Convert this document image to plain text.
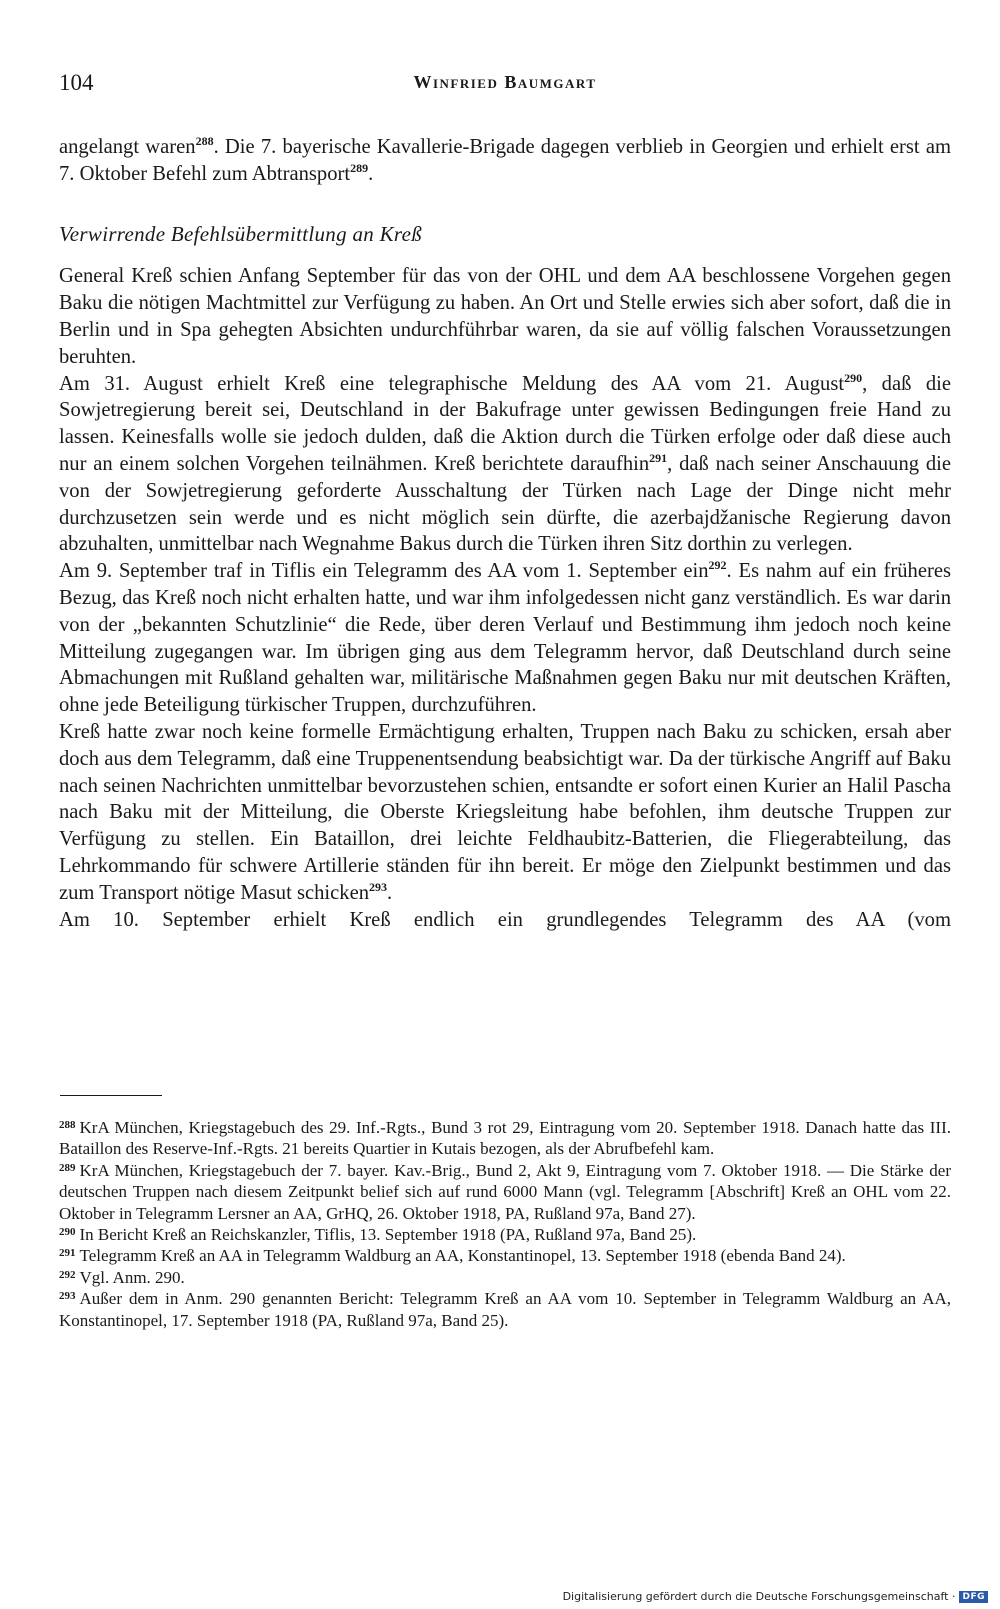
104	Winfried Baumgart

angelangt waren$^{288}$. Die 7. bayerische Kavallerie-Brigade dagegen verblieb in Georgien und erhielt erst am 7. Oktober Befehl zum Abtransport$^{289}$.

Verwirrende Befehlsübermittlung an Kreß

General Kreß schien Anfang September für das von der OHL und dem AA beschlossene Vorgehen gegen Baku die nötigen Machtmittel zur Verfügung zu haben. An Ort und Stelle erwies sich aber sofort, daß die in Berlin und in Spa gehegten Absichten undurchführbar waren, da sie auf völlig falschen Voraussetzungen beruhten.

Am 31. August erhielt Kreß eine telegraphische Meldung des AA vom 21. August$^{290}$, daß die Sowjetregierung bereit sei, Deutschland in der Bakufrage unter gewissen Bedingungen freie Hand zu lassen. Keinesfalls wolle sie jedoch dulden, daß die Aktion durch die Türken erfolge oder daß diese auch nur an einem solchen Vorgehen teilnähmen. Kreß berichtete daraufhin$^{291}$, daß nach seiner Anschauung die von der Sowjetregierung geforderte Ausschaltung der Türken nach Lage der Dinge nicht mehr durchzusetzen sein werde und es nicht möglich sein dürfte, die azerbajdžanische Regierung davon abzuhalten, unmittelbar nach Wegnahme Bakus durch die Türken ihren Sitz dorthin zu verlegen.

Am 9. September traf in Tiflis ein Telegramm des AA vom 1. September ein$^{292}$. Es nahm auf ein früheres Bezug, das Kreß noch nicht erhalten hatte, und war ihm infolgedessen nicht ganz verständlich. Es war darin von der „bekannten Schutzlinie“ die Rede, über deren Verlauf und Bestimmung ihm jedoch noch keine Mitteilung zugegangen war. Im übrigen ging aus dem Telegramm hervor, daß Deutschland durch seine Abmachungen mit Rußland gehalten war, militärische Maßnahmen gegen Baku nur mit deutschen Kräften, ohne jede Beteiligung türkischer Truppen, durchzuführen.

Kreß hatte zwar noch keine formelle Ermächtigung erhalten, Truppen nach Baku zu schicken, ersah aber doch aus dem Telegramm, daß eine Truppenentsendung beabsichtigt war. Da der türkische Angriff auf Baku nach seinen Nachrichten unmittelbar bevorzustehen schien, entsandte er sofort einen Kurier an Halil Pascha nach Baku mit der Mitteilung, die Oberste Kriegsleitung habe befohlen, ihm deutsche Truppen zur Verfügung zu stellen. Ein Bataillon, drei leichte Feldhaubitz-Batterien, die Fliegerabteilung, das Lehrkommando für schwere Artillerie ständen für ihn bereit. Er möge den Zielpunkt bestimmen und das zum Transport nötige Masut schicken$^{293}$.

Am 10. September erhielt Kreß endlich ein grundlegendes Telegramm des AA (vom

$^{288}$ KrA München, Kriegstagebuch des 29. Inf.-Rgts., Bund 3 rot 29, Eintragung vom 20. September 1918. Danach hatte das III. Bataillon des Reserve-Inf.-Rgts. 21 bereits Quartier in Kutais bezogen, als der Abrufbefehl kam.

$^{289}$ KrA München, Kriegstagebuch der 7. bayer. Kav.-Brig., Bund 2, Akt 9, Eintragung vom 7. Oktober 1918. — Die Stärke der deutschen Truppen nach diesem Zeitpunkt belief sich auf rund 6000 Mann (vgl. Telegramm [Abschrift] Kreß an OHL vom 22. Oktober in Telegramm Lersner an AA, GrHQ, 26. Oktober 1918, PA, Rußland 97a, Band 27).

$^{290}$ In Bericht Kreß an Reichskanzler, Tiflis, 13. September 1918 (PA, Rußland 97a, Band 25).

$^{291}$ Telegramm Kreß an AA in Telegramm Waldburg an AA, Konstantinopel, 13. September 1918 (ebenda Band 24).

$^{292}$ Vgl. Anm. 290.

$^{293}$ Außer dem in Anm. 290 genannten Bericht: Telegramm Kreß an AA vom 10. September in Telegramm Waldburg an AA, Konstantinopel, 17. September 1918 (PA, Rußland 97a, Band 25).

Digitalisierung gefördert durch die Deutsche Forschungsgemeinschaft · DFG
